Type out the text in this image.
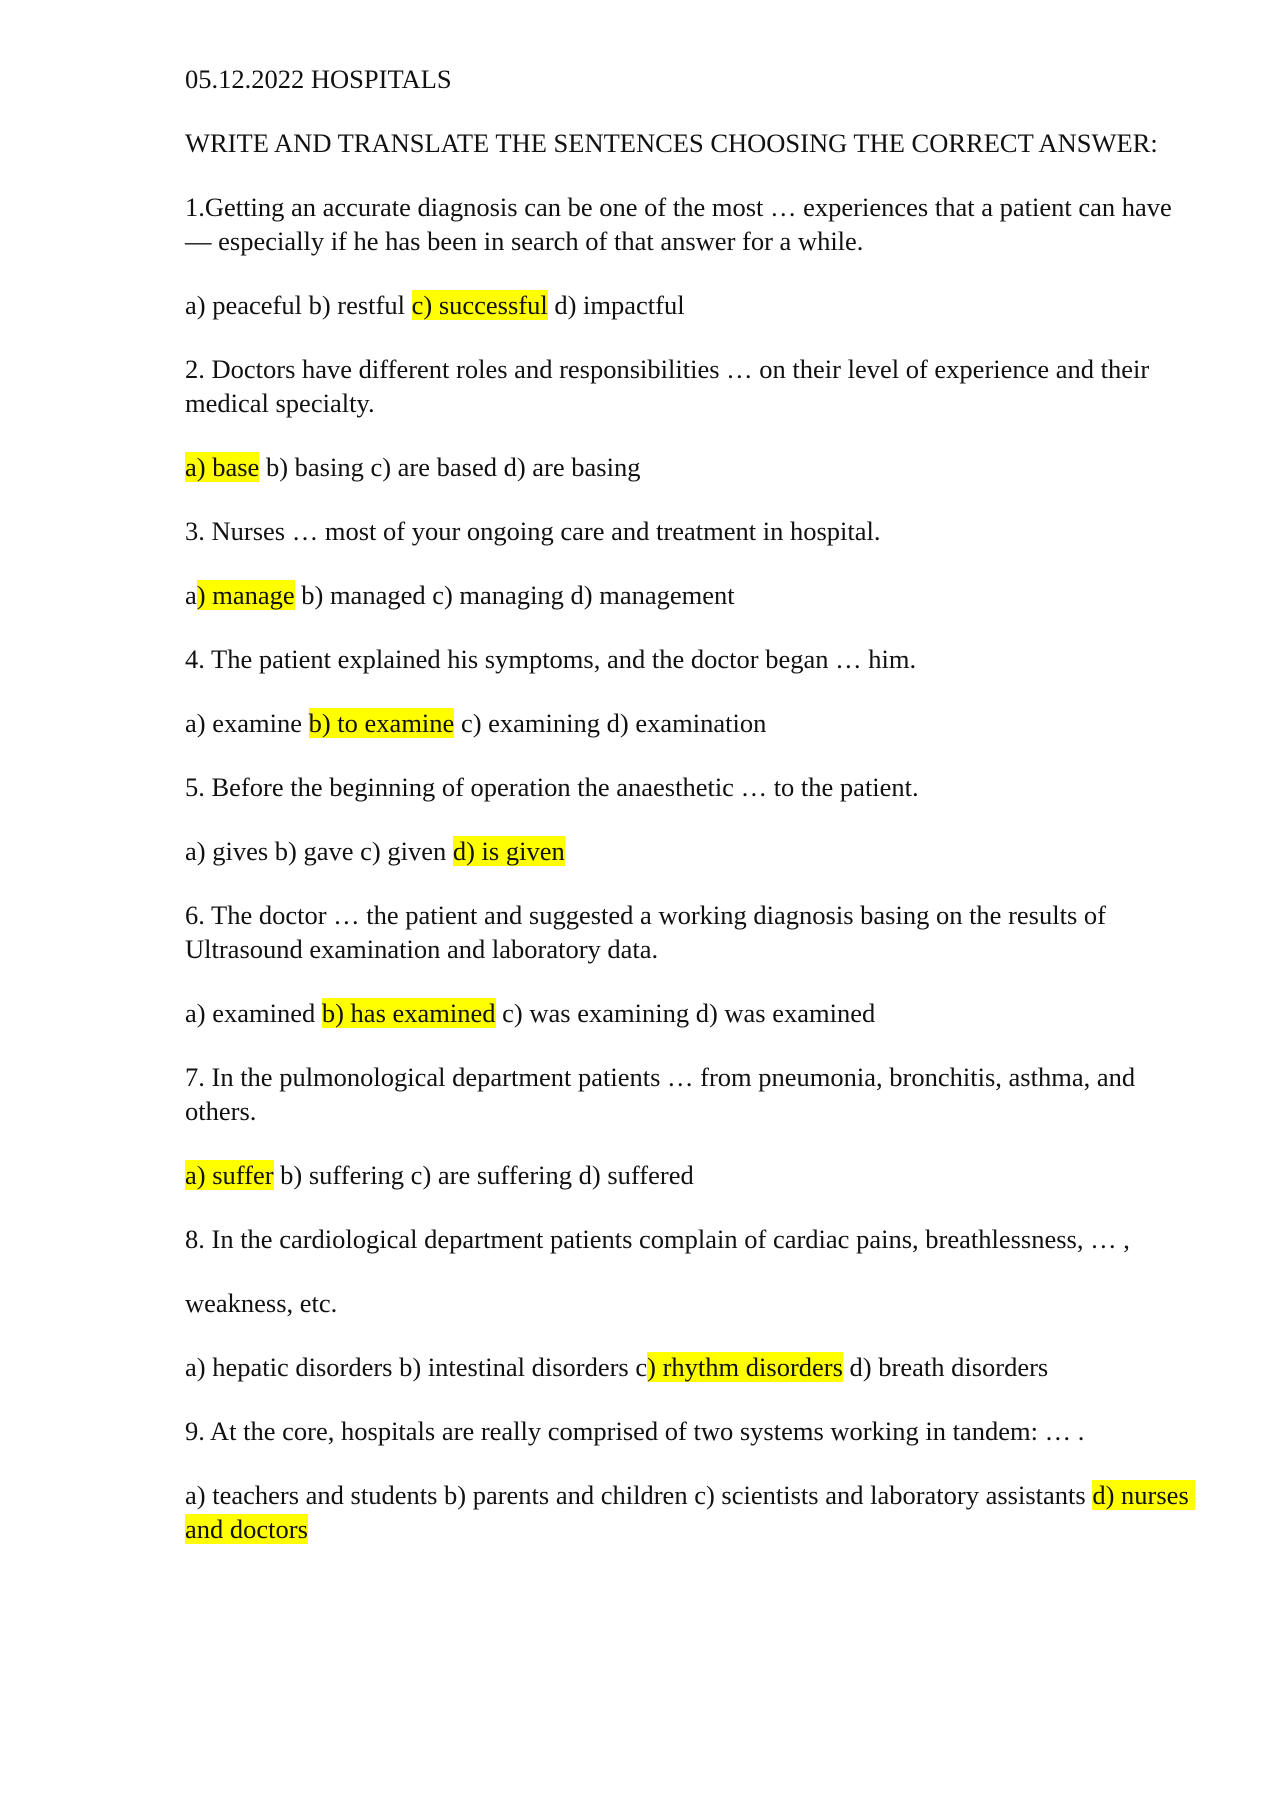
05.12.2022 HOSPITALS

WRITE AND TRANSLATE THE SENTENCES CHOOSING THE CORRECT ANSWER:

1.Getting an accurate diagnosis can be one of the most … experiences that a patient can have — especially if he has been in search of that answer for a while.

a) peaceful b) restful c) successful d) impactful

2. Doctors have different roles and responsibilities … on their level of experience and their medical specialty.

a) base b) basing c) are based d) are basing

3. Nurses … most of your ongoing care and treatment in hospital.

a) manage b) managed c) managing d) management

4. The patient explained his symptoms, and the doctor began … him.

a) examine b) to examine c) examining d) examination

5. Before the beginning of operation the anaesthetic … to the patient.

a) gives b) gave c) given d) is given

6. The doctor … the patient and suggested a working diagnosis basing on the results of Ultrasound examination and laboratory data.

a) examined b) has examined c) was examining d) was examined

7. In the pulmonological department patients … from pneumonia, bronchitis, asthma, and others.

a) suffer b) suffering c) are suffering d) suffered

8. In the cardiological department patients complain of cardiac pains, breathlessness, … ,

weakness, etc.

a) hepatic disorders b) intestinal disorders c) rhythm disorders d) breath disorders

9. At the core, hospitals are really comprised of two systems working in tandem: … .

a) teachers and students b) parents and children c) scientists and laboratory assistants d) nurses and doctors
